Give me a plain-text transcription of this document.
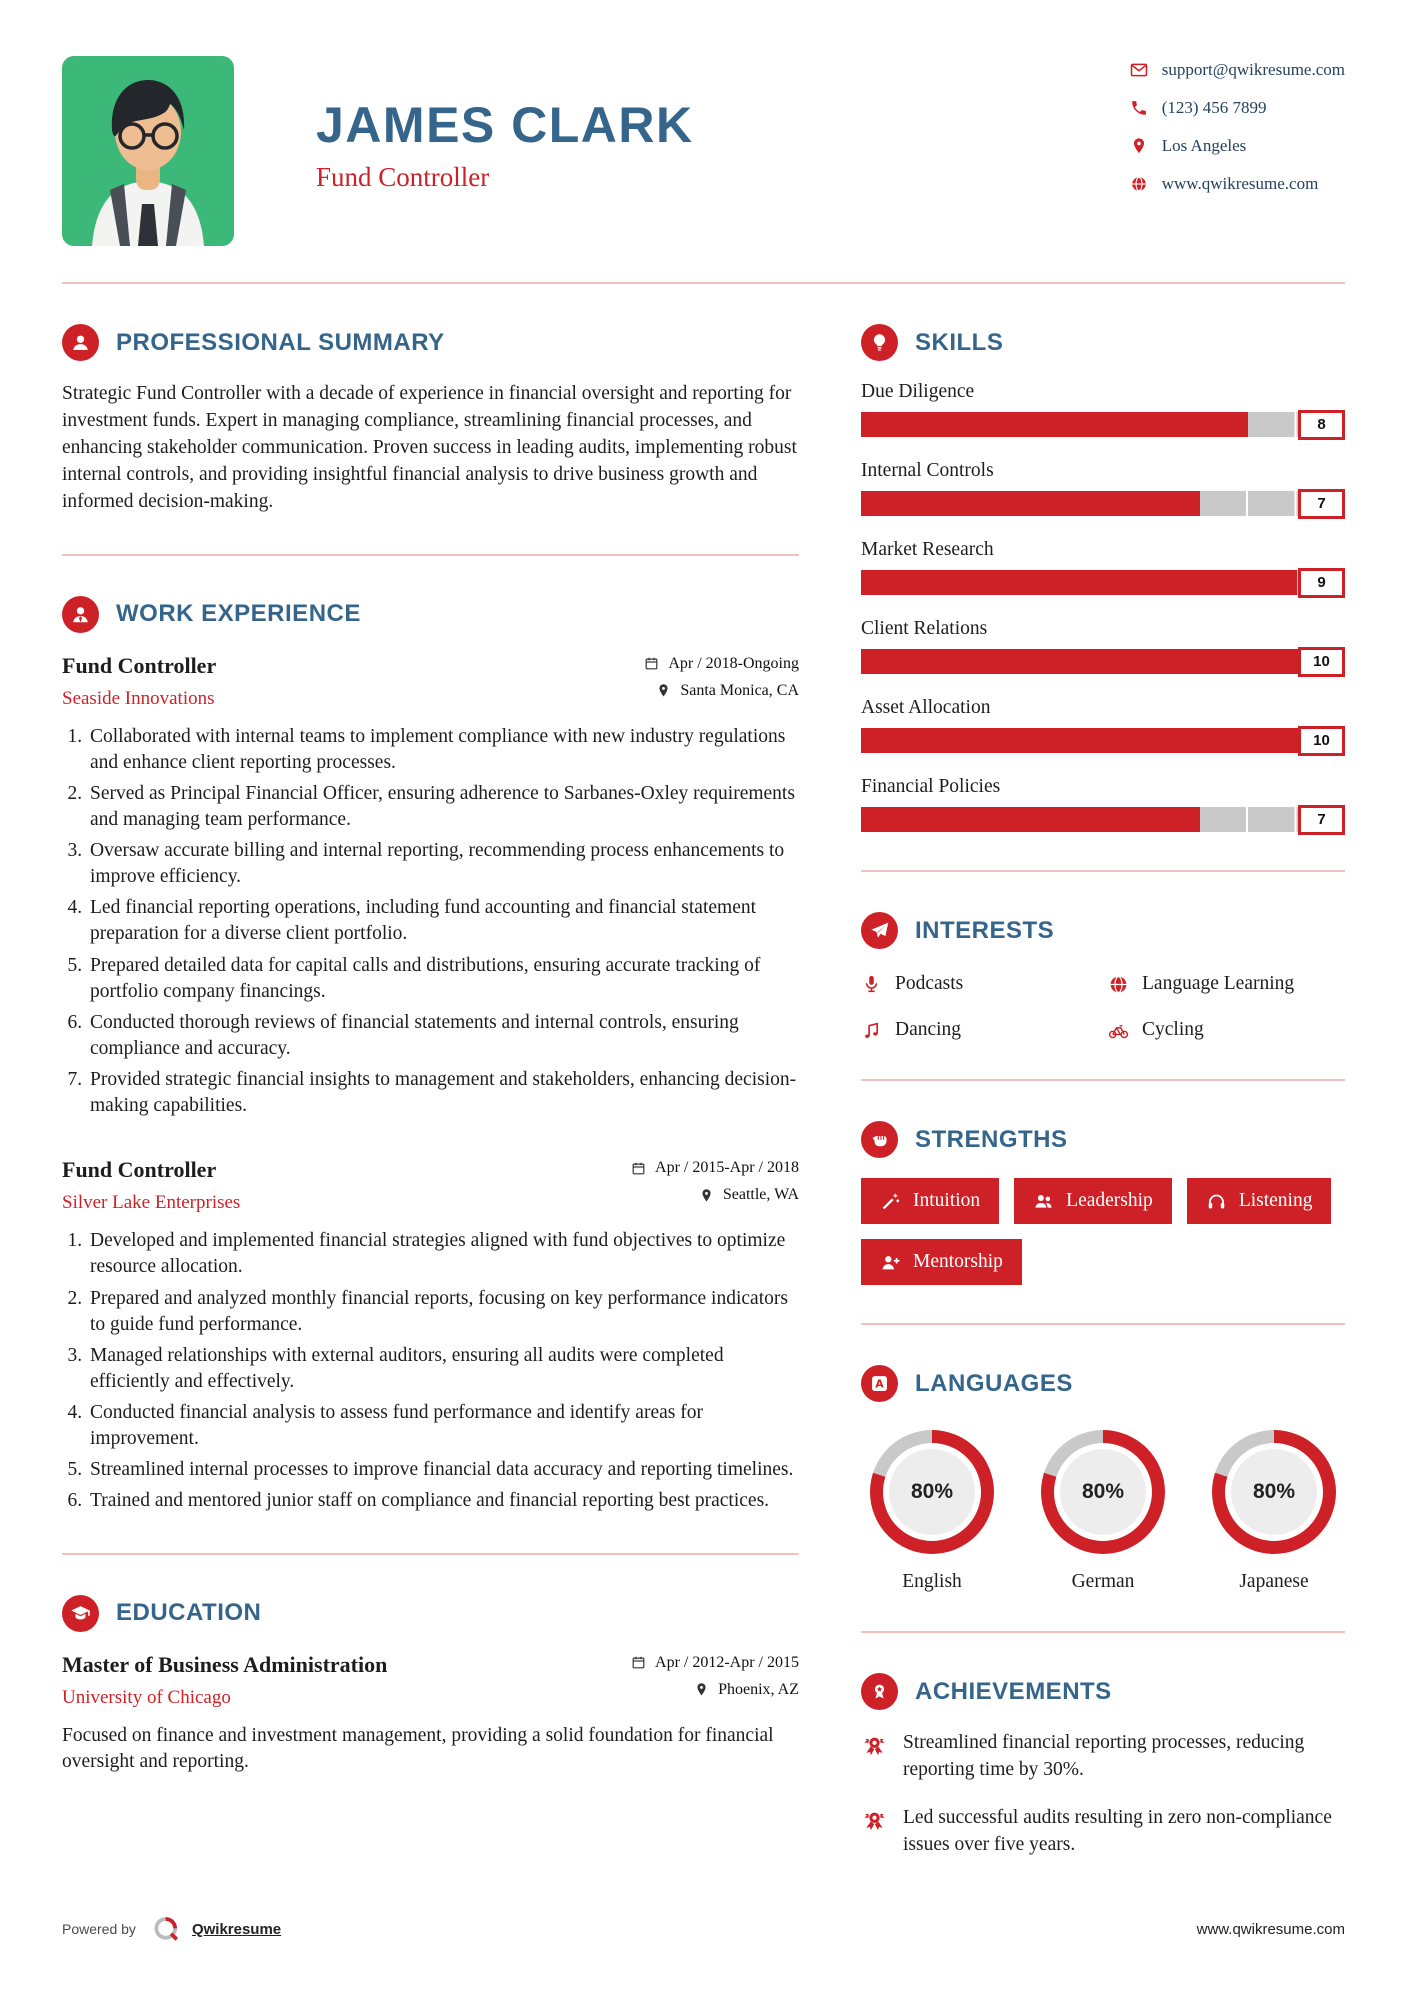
JAMES CLARK
Fund Controller
support@qwikresume.com
(123) 456 7899
Los Angeles
www.qwikresume.com
PROFESSIONAL SUMMARY

Strategic Fund Controller with a decade of experience in financial oversight and reporting for investment funds. Expert in managing compliance, streamlining financial processes, and enhancing stakeholder communication. Proven success in leading audits, implementing robust internal controls, and providing insightful financial analysis to drive business growth and informed decision-making.

WORK EXPERIENCE
Fund Controller
Seaside Innovations
Apr / 2018-Ongoing
Santa Monica, CA
1. Collaborated with internal teams to implement compliance with new industry regulations and enhance client reporting processes.
2. Served as Principal Financial Officer, ensuring adherence to Sarbanes-Oxley requirements and managing team performance.
3. Oversaw accurate billing and internal reporting, recommending process enhancements to improve efficiency.
4. Led financial reporting operations, including fund accounting and financial statement preparation for a diverse client portfolio.
5. Prepared detailed data for capital calls and distributions, ensuring accurate tracking of portfolio company financings.
6. Conducted thorough reviews of financial statements and internal controls, ensuring compliance and accuracy.
7. Provided strategic financial insights to management and stakeholders, enhancing decision-making capabilities.
Fund Controller
Silver Lake Enterprises
Apr / 2015-Apr / 2018
Seattle, WA
1. Developed and implemented financial strategies aligned with fund objectives to optimize resource allocation.
2. Prepared and analyzed monthly financial reports, focusing on key performance indicators to guide fund performance.
3. Managed relationships with external auditors, ensuring all audits were completed efficiently and effectively.
4. Conducted financial analysis to assess fund performance and identify areas for improvement.
5. Streamlined internal processes to improve financial data accuracy and reporting timelines.
6. Trained and mentored junior staff on compliance and financial reporting best practices.
EDUCATION
Master of Business Administration
University of Chicago
Apr / 2012-Apr / 2015
Phoenix, AZ

Focused on finance and investment management, providing a solid foundation for financial oversight and reporting.

SKILLS
Due Diligence
8
Internal Controls
7
Market Research
9
Client Relations
10
Asset Allocation
10
Financial Policies
7
INTERESTS
Podcasts	Language Learning
Dancing	Cycling
STRENGTHS
Intuition	Leadership	Listening
Mentorship
A LANGUAGES
80%
English
80%
German
80%
Japanese
ACHIEVEMENTS

Streamlined financial reporting processes, reducing reporting time by 30%.

Led successful audits resulting in zero non-compliance issues over five years.

Powered by	Qwikresume	www.qwikresume.com
